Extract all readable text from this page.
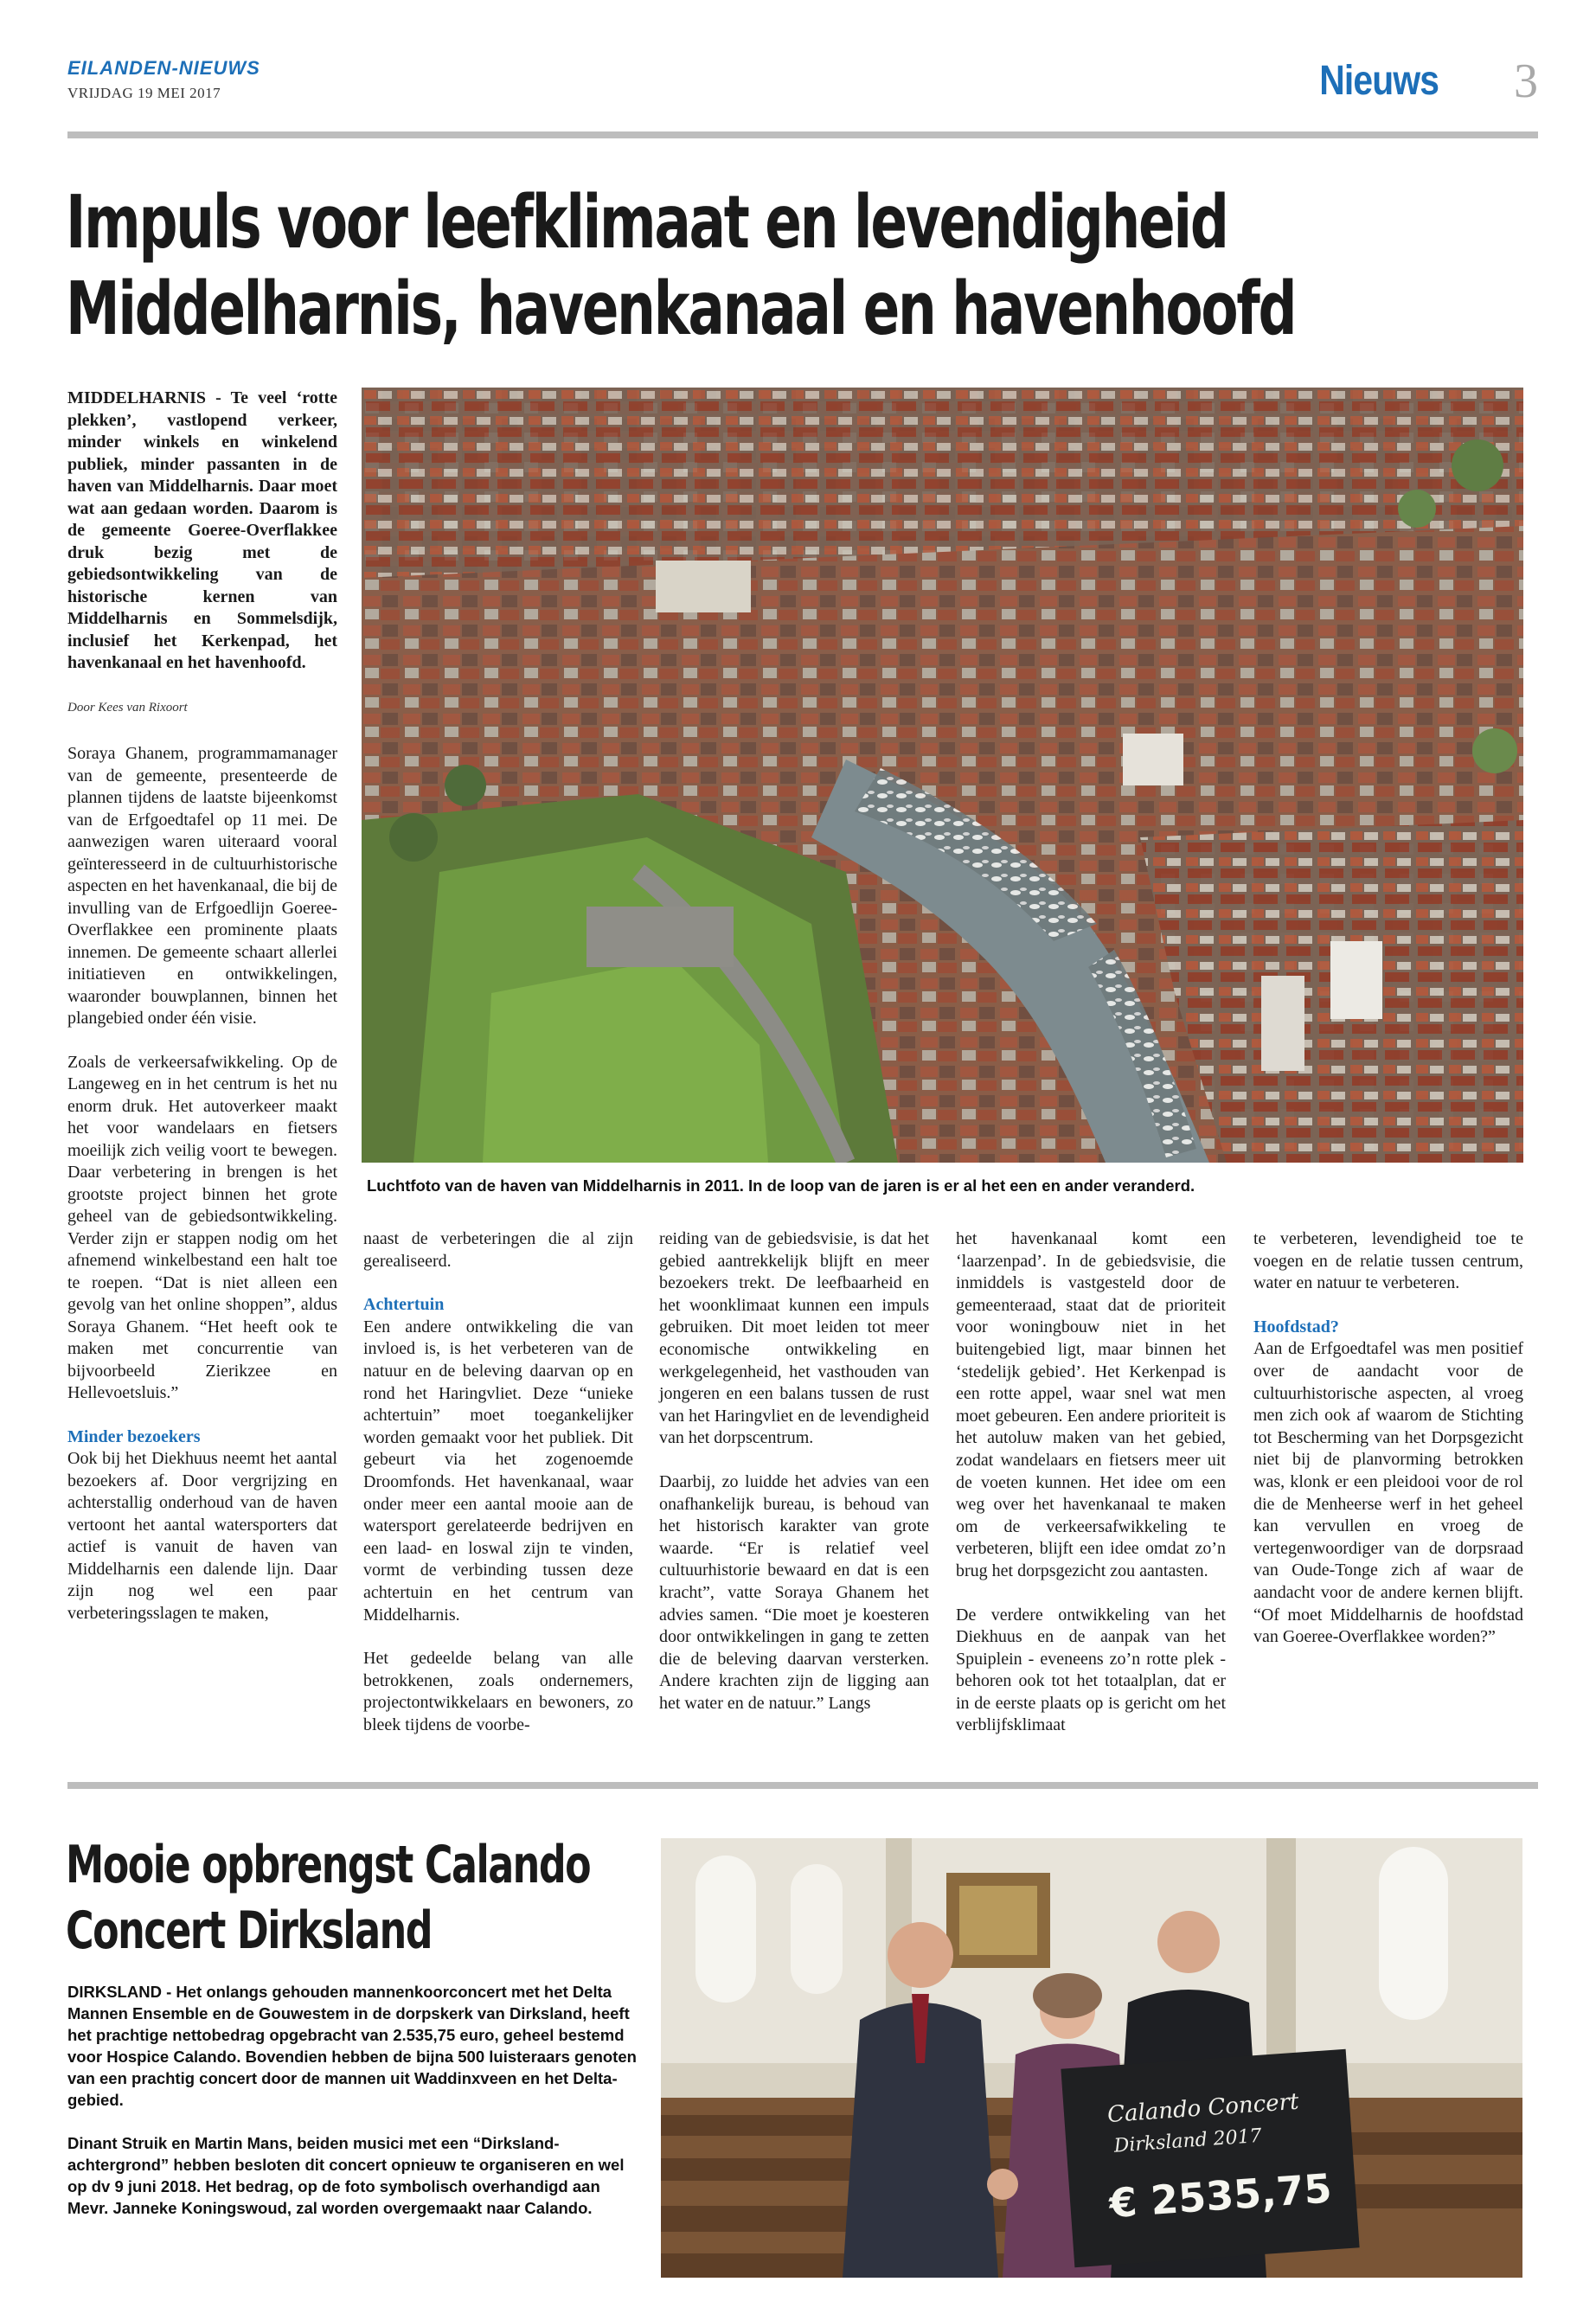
EILANDEN-NIEUWS
VRIJDAG 19 MEI 2017	Nieuws 3
Impuls voor leefklimaat en levendigheid
Middelharnis, havenkanaal en havenhoofd

MIDDELHARNIS - Te veel ‘rotte plekken’, vastlopend verkeer, minder winkels en winkelend publiek, minder passanten in de haven van Middelharnis. Daar moet wat aan gedaan worden. Daarom is de gemeente Goeree-Overflakkee druk bezig met de gebiedsontwikkeling van de historische kernen van Middelharnis en Sommelsdijk, inclusief het Kerkenpad, het havenkanaal en het havenhoofd.

Door Kees van Rixoort

Soraya Ghanem, programmamanager van de gemeente, presenteerde de plannen tijdens de laatste bijeenkomst van de Erfgoedtafel op 11 mei. De aanwezigen waren uiteraard vooral geïnteresseerd in de cultuurhistorische aspecten en het havenkanaal, die bij de invulling van de Erfgoedlijn Goeree-Overflakkee een prominente plaats innemen. De gemeente schaart allerlei initiatieven en ontwikkelingen, waaronder bouwplannen, binnen het plangebied onder één visie.

Zoals de verkeersafwikkeling. Op de Langeweg en in het centrum is het nu enorm druk. Het autoverkeer maakt het voor wandelaars en fietsers moeilijk zich veilig voort te bewegen. Daar verbetering in brengen is het grootste project binnen het grote geheel van de gebiedsontwikkeling. Verder zijn er stappen nodig om het afnemend winkelbestand een halt toe te roepen. “Dat is niet alleen een gevolg van het online shoppen”, aldus Soraya Ghanem. “Het heeft ook te maken met concurrentie van bijvoorbeeld Zierikzee en Hellevoetsluis.”

Minder bezoekers

Ook bij het Diekhuus neemt het aantal bezoekers af. Door vergrijzing en achterstallig onderhoud van de haven vertoont het aantal watersporters dat actief is vanuit de haven van Middelharnis een dalende lijn. Daar zijn nog wel een paar verbeteringsslagen te maken,

Luchtfoto van de haven van Middelharnis in 2011. In de loop van de jaren is er al het een en ander veranderd.

naast de verbeteringen die al zijn gerealiseerd.

Achtertuin

Een andere ontwikkeling die van invloed is, is het verbeteren van de natuur en de beleving daarvan op en rond het Haringvliet. Deze “unieke achtertuin” moet toegankelijker worden gemaakt voor het publiek. Dit gebeurt via het zogenoemde Droomfonds. Het havenkanaal, waar onder meer een aantal mooie aan de watersport gerelateerde bedrijven en een laad- en loswal zijn te vinden, vormt de verbinding tussen deze achtertuin en het centrum van Middelharnis.

Het gedeelde belang van alle betrokkenen, zoals ondernemers, projectontwikkelaars en bewoners, zo bleek tijdens de voorbe-

reiding van de gebiedsvisie, is dat het gebied aantrekkelijk blijft en meer bezoekers trekt. De leefbaarheid en het woonklimaat kunnen een impuls gebruiken. Dit moet leiden tot meer economische ontwikkeling en werkgelegenheid, het vasthouden van jongeren en een balans tussen de rust van het Haringvliet en de levendigheid van het dorpscentrum.

Daarbij, zo luidde het advies van een onafhankelijk bureau, is behoud van het historisch karakter van grote waarde. “Er is relatief veel cultuurhistorie bewaard en dat is een kracht”, vatte Soraya Ghanem het advies samen. “Die moet je koesteren door ontwikkelingen in gang te zetten die de beleving daarvan versterken. Andere krachten zijn de ligging aan het water en de natuur.” Langs

het havenkanaal komt een ‘laarzenpad’. In de gebiedsvisie, die inmiddels is vastgesteld door de gemeenteraad, staat dat de prioriteit voor woningbouw niet in het buitengebied ligt, maar binnen het ‘stedelijk gebied’. Het Kerkenpad is een rotte appel, waar snel wat men moet gebeuren. Een andere prioriteit is het autoluw maken van het gebied, zodat wandelaars en fietsers meer uit de voeten kunnen. Het idee om een weg over het havenkanaal te maken om de verkeersafwikkeling te verbeteren, blijft een idee omdat zo’n brug het dorpsgezicht zou aantasten.

De verdere ontwikkeling van het Diekhuus en de aanpak van het Spuiplein - eveneens zo’n rotte plek - behoren ook tot het totaalplan, dat er in de eerste plaats op is gericht om het verblijfsklimaat

te verbeteren, levendigheid toe te voegen en de relatie tussen centrum, water en natuur te verbeteren.

Hoofdstad?

Aan de Erfgoedtafel was men positief over de aandacht voor de cultuurhistorische aspecten, al vroeg men zich ook af waarom de Stichting tot Bescherming van het Dorpsgezicht niet bij de planvorming betrokken was, klonk er een pleidooi voor de rol die de Menheerse werf in het geheel kan vervullen en vroeg de vertegenwoordiger van de dorpsraad van Oude-Tonge zich af waar de aandacht voor de andere kernen blijft. “Of moet Middelharnis de hoofdstad van Goeree-Overflakkee worden?”

Mooie opbrengst Calando
Concert Dirksland

DIRKSLAND - Het onlangs gehouden mannenkoorconcert met het Delta Mannen Ensemble en de Gouwestem in de dorpskerk van Dirksland, heeft het prachtige nettobedrag opgebracht van 2.535,75 euro, geheel bestemd voor Hospice Calando. Bovendien hebben de bijna 500 luisteraars genoten van een prachtig concert door de mannen uit Waddinxveen en het Delta-gebied.

Dinant Struik en Martin Mans, beiden musici met een “Dirksland-achtergrond” hebben besloten dit concert opnieuw te organiseren en wel op dv 9 juni 2018. Het bedrag, op de foto symbolisch overhandigd aan Mevr. Janneke Koningswoud, zal worden overgemaakt naar Calando.

Calando Concert
Dirksland 2017
€ 2535,75
